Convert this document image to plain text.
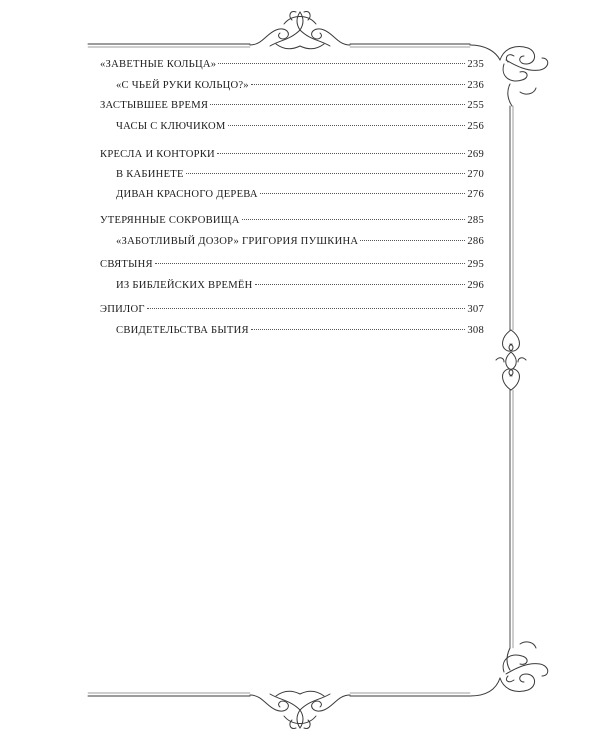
«ЗАВЕТНЫЕ КОЛЬЦА»	235
«С ЧЬЕЙ РУКИ КОЛЬЦО?»	236
ЗАСТЫВШЕЕ ВРЕМЯ	255
ЧАСЫ С КЛЮЧИКОМ	256
КРЕСЛА И КОНТОРКИ	269
В КАБИНЕТЕ	270
ДИВАН КРАСНОГО ДЕРЕВА	276
УТЕРЯННЫЕ СОКРОВИЩА	285
«ЗАБОТЛИВЫЙ ДОЗОР» ГРИГОРИЯ ПУШКИНА	286
СВЯТЫНЯ	295
ИЗ БИБЛЕЙСКИХ ВРЕМЁН	296
ЭПИЛОГ	307
СВИДЕТЕЛЬСТВА БЫТИЯ	308
